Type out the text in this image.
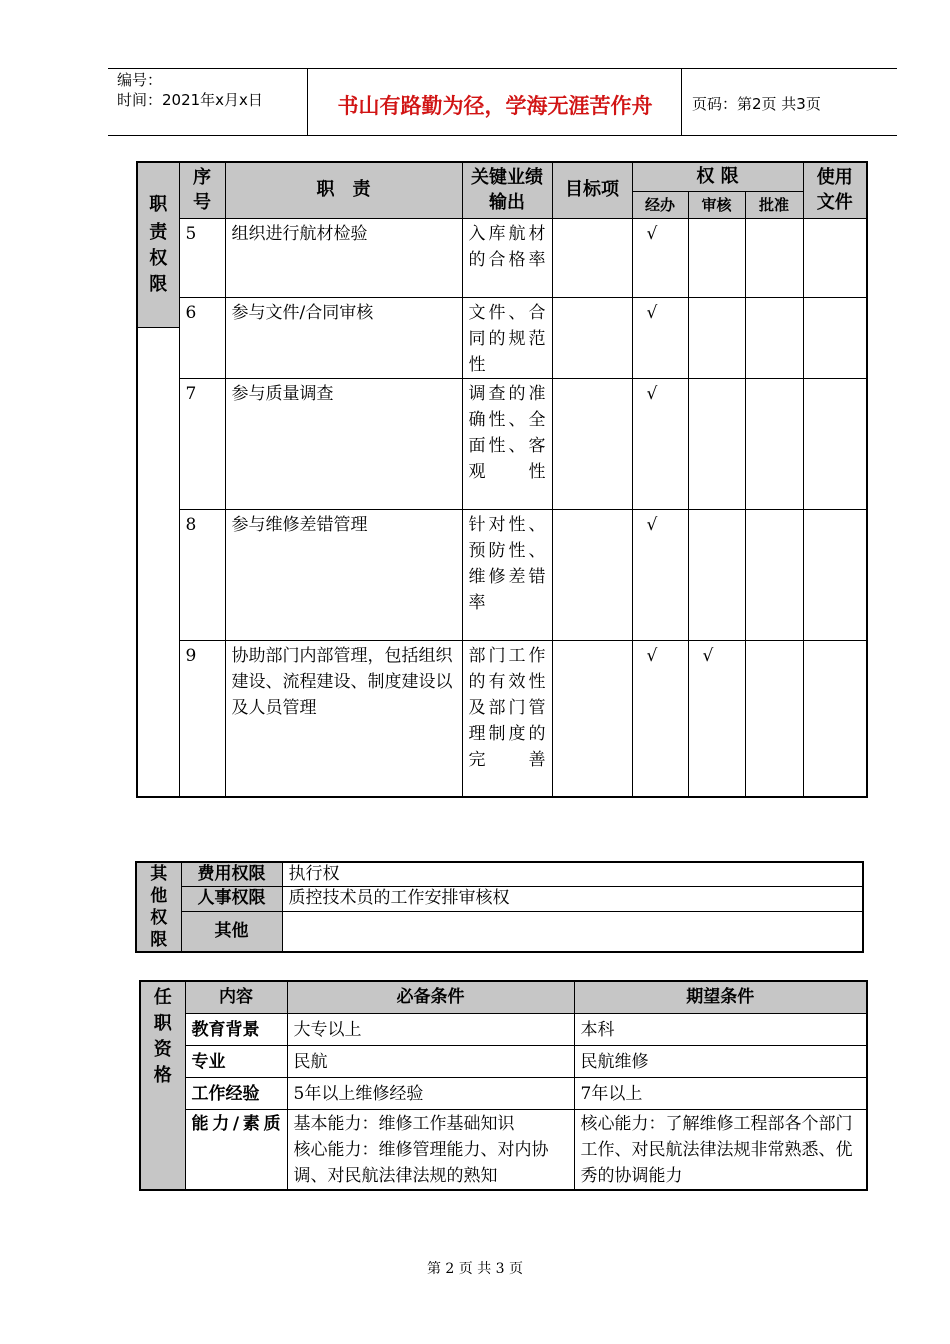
编号：
时间：2021年x月x日	书山有路勤为径，学海无涯苦作舟	页码：第2页 共3页
职	序号	职　责	关键业绩输出	目标项	权 限			使用文件
					经办	审核	批准	

责权限	5	组织进行航材检验	入库航材的合格率		√			
	6	参与文件/合同审核	文件、合同的规范性		√			
	7	参与质量调查	调查的准确性、全面性、客观性		√			
	8	参与维修差错管理	针对性、预防性、维修差错率		√			
	9	协助部门内部管理，包括组织建设、流程建设、制度建设以及人员管理	部门工作的有效性及部门管理制度的完善		√	√		
其他权限	费用权限	执行权
	人事权限	质控技术员的工作安排审核权
	其他	
任职资格	内容	必备条件	期望条件
	教育背景	大专以上	本科
	专业	民航	民航维修
	工作经验	5年以上维修经验	7年以上
	能力/素质	基本能力：维修工作基础知识
核心能力：维修管理能力、对内协调、对民航法律法规的熟知	核心能力：了解维修工程部各个部门工作、对民航法律法规非常熟悉、优秀的协调能力
第 2 页 共 3 页
